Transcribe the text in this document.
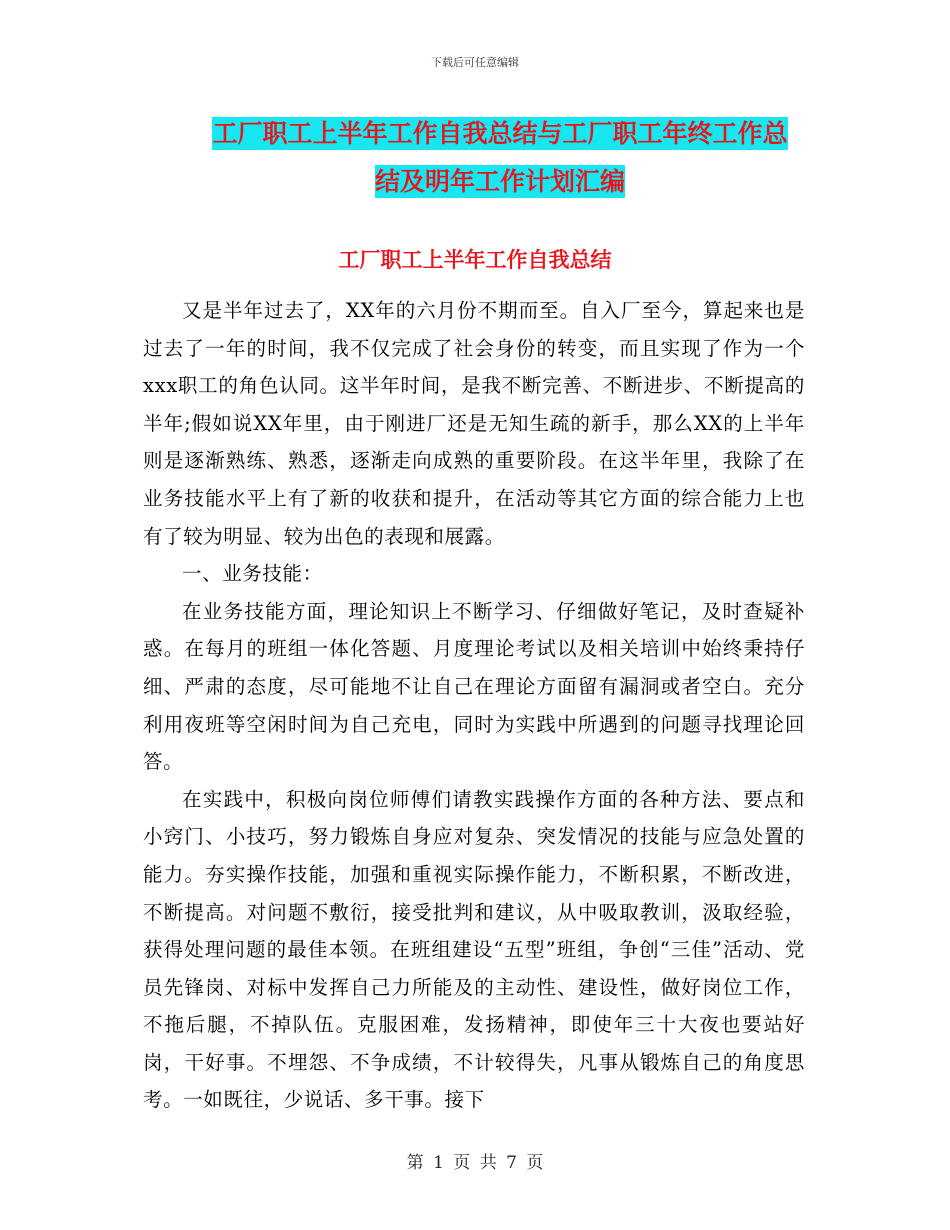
下载后可任意编辑
工厂职工上半年工作自我总结与工厂职工年终工作总
结及明年工作计划汇编
工厂职工上半年工作自我总结

又是半年过去了，XX年的六月份不期而至。自入厂至今，算起来也是过去了一年的时间，我不仅完成了社会身份的转变，而且实现了作为一个xxx职工的角色认同。这半年时间，是我不断完善、不断进步、不断提高的半年;假如说XX年里，由于刚进厂还是无知生疏的新手，那么XX的上半年则是逐渐熟练、熟悉，逐渐走向成熟的重要阶段。在这半年里，我除了在业务技能水平上有了新的收获和提升，在活动等其它方面的综合能力上也有了较为明显、较为出色的表现和展露。

一、业务技能：

在业务技能方面，理论知识上不断学习、仔细做好笔记，及时查疑补惑。在每月的班组一体化答题、月度理论考试以及相关培训中始终秉持仔细、严肃的态度，尽可能地不让自己在理论方面留有漏洞或者空白。充分利用夜班等空闲时间为自己充电，同时为实践中所遇到的问题寻找理论回答。

在实践中，积极向岗位师傅们请教实践操作方面的各种方法、要点和小窍门、小技巧，努力锻炼自身应对复杂、突发情况的技能与应急处置的能力。夯实操作技能，加强和重视实际操作能力，不断积累，不断改进，不断提高。对问题不敷衍，接受批判和建议，从中吸取教训，汲取经验，获得处理问题的最佳本领。在班组建设“五型”班组，争创“三佳”活动、党员先锋岗、对标中发挥自己力所能及的主动性、建设性，做好岗位工作，不拖后腿，不掉队伍。克服困难，发扬精神，即使年三十大夜也要站好岗，干好事。不埋怨、不争成绩，不计较得失，凡事从锻炼自己的角度思考。一如既往，少说话、多干事。接下

第 1 页 共 7 页
